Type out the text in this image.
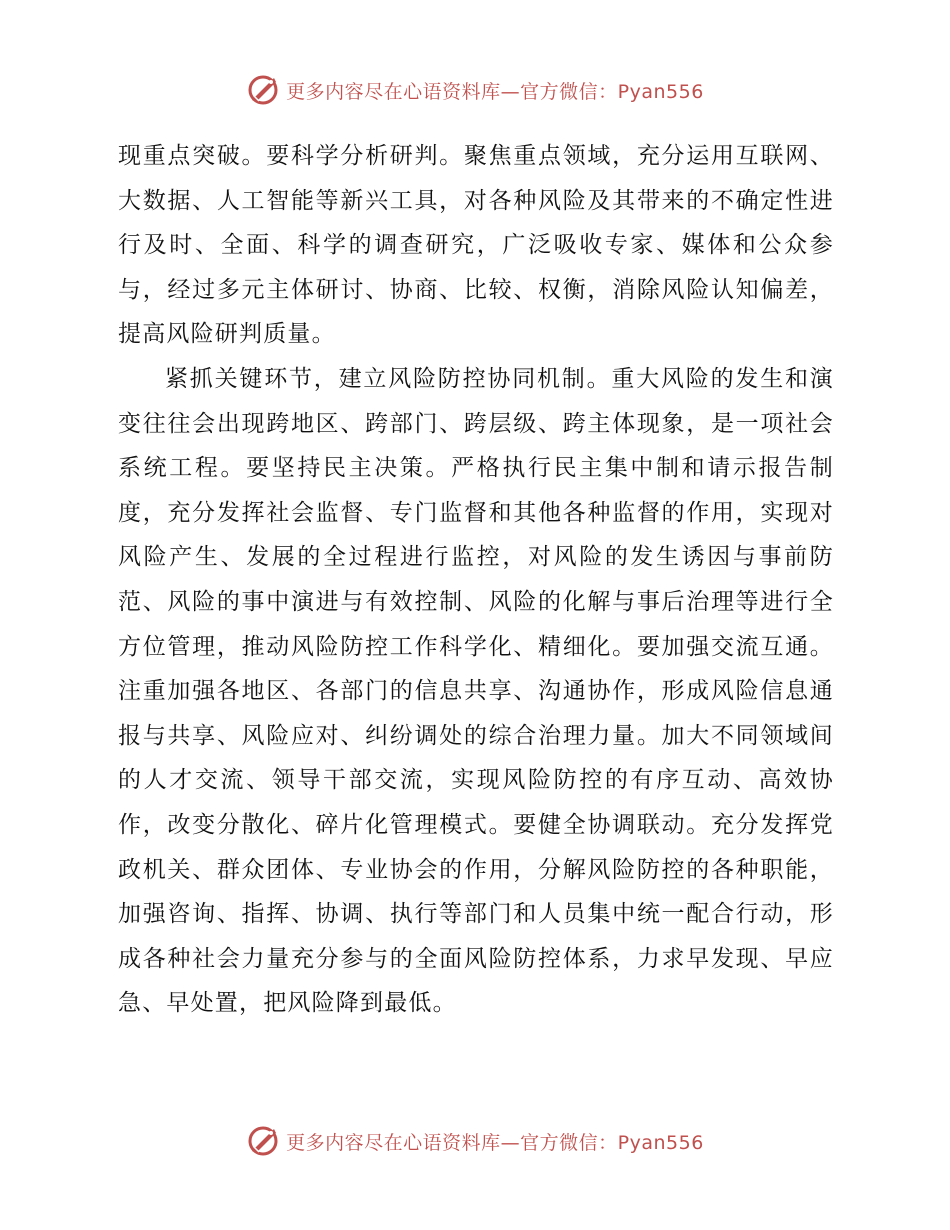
更多内容尽在心语资料库—官方微信：Pyan556

现重点突破。要科学分析研判。聚焦重点领域，充分运用互联网、大数据、人工智能等新兴工具，对各种风险及其带来的不确定性进行及时、全面、科学的调查研究，广泛吸收专家、媒体和公众参与，经过多元主体研讨、协商、比较、权衡，消除风险认知偏差，提高风险研判质量。

紧抓关键环节，建立风险防控协同机制。重大风险的发生和演变往往会出现跨地区、跨部门、跨层级、跨主体现象，是一项社会系统工程。要坚持民主决策。严格执行民主集中制和请示报告制度，充分发挥社会监督、专门监督和其他各种监督的作用，实现对风险产生、发展的全过程进行监控，对风险的发生诱因与事前防范、风险的事中演进与有效控制、风险的化解与事后治理等进行全方位管理，推动风险防控工作科学化、精细化。要加强交流互通。注重加强各地区、各部门的信息共享、沟通协作，形成风险信息通报与共享、风险应对、纠纷调处的综合治理力量。加大不同领域间的人才交流、领导干部交流，实现风险防控的有序互动、高效协作，改变分散化、碎片化管理模式。要健全协调联动。充分发挥党政机关、群众团体、专业协会的作用，分解风险防控的各种职能，加强咨询、指挥、协调、执行等部门和人员集中统一配合行动，形成各种社会力量充分参与的全面风险防控体系，力求早发现、早应急、早处置，把风险降到最低。

更多内容尽在心语资料库—官方微信：Pyan556
